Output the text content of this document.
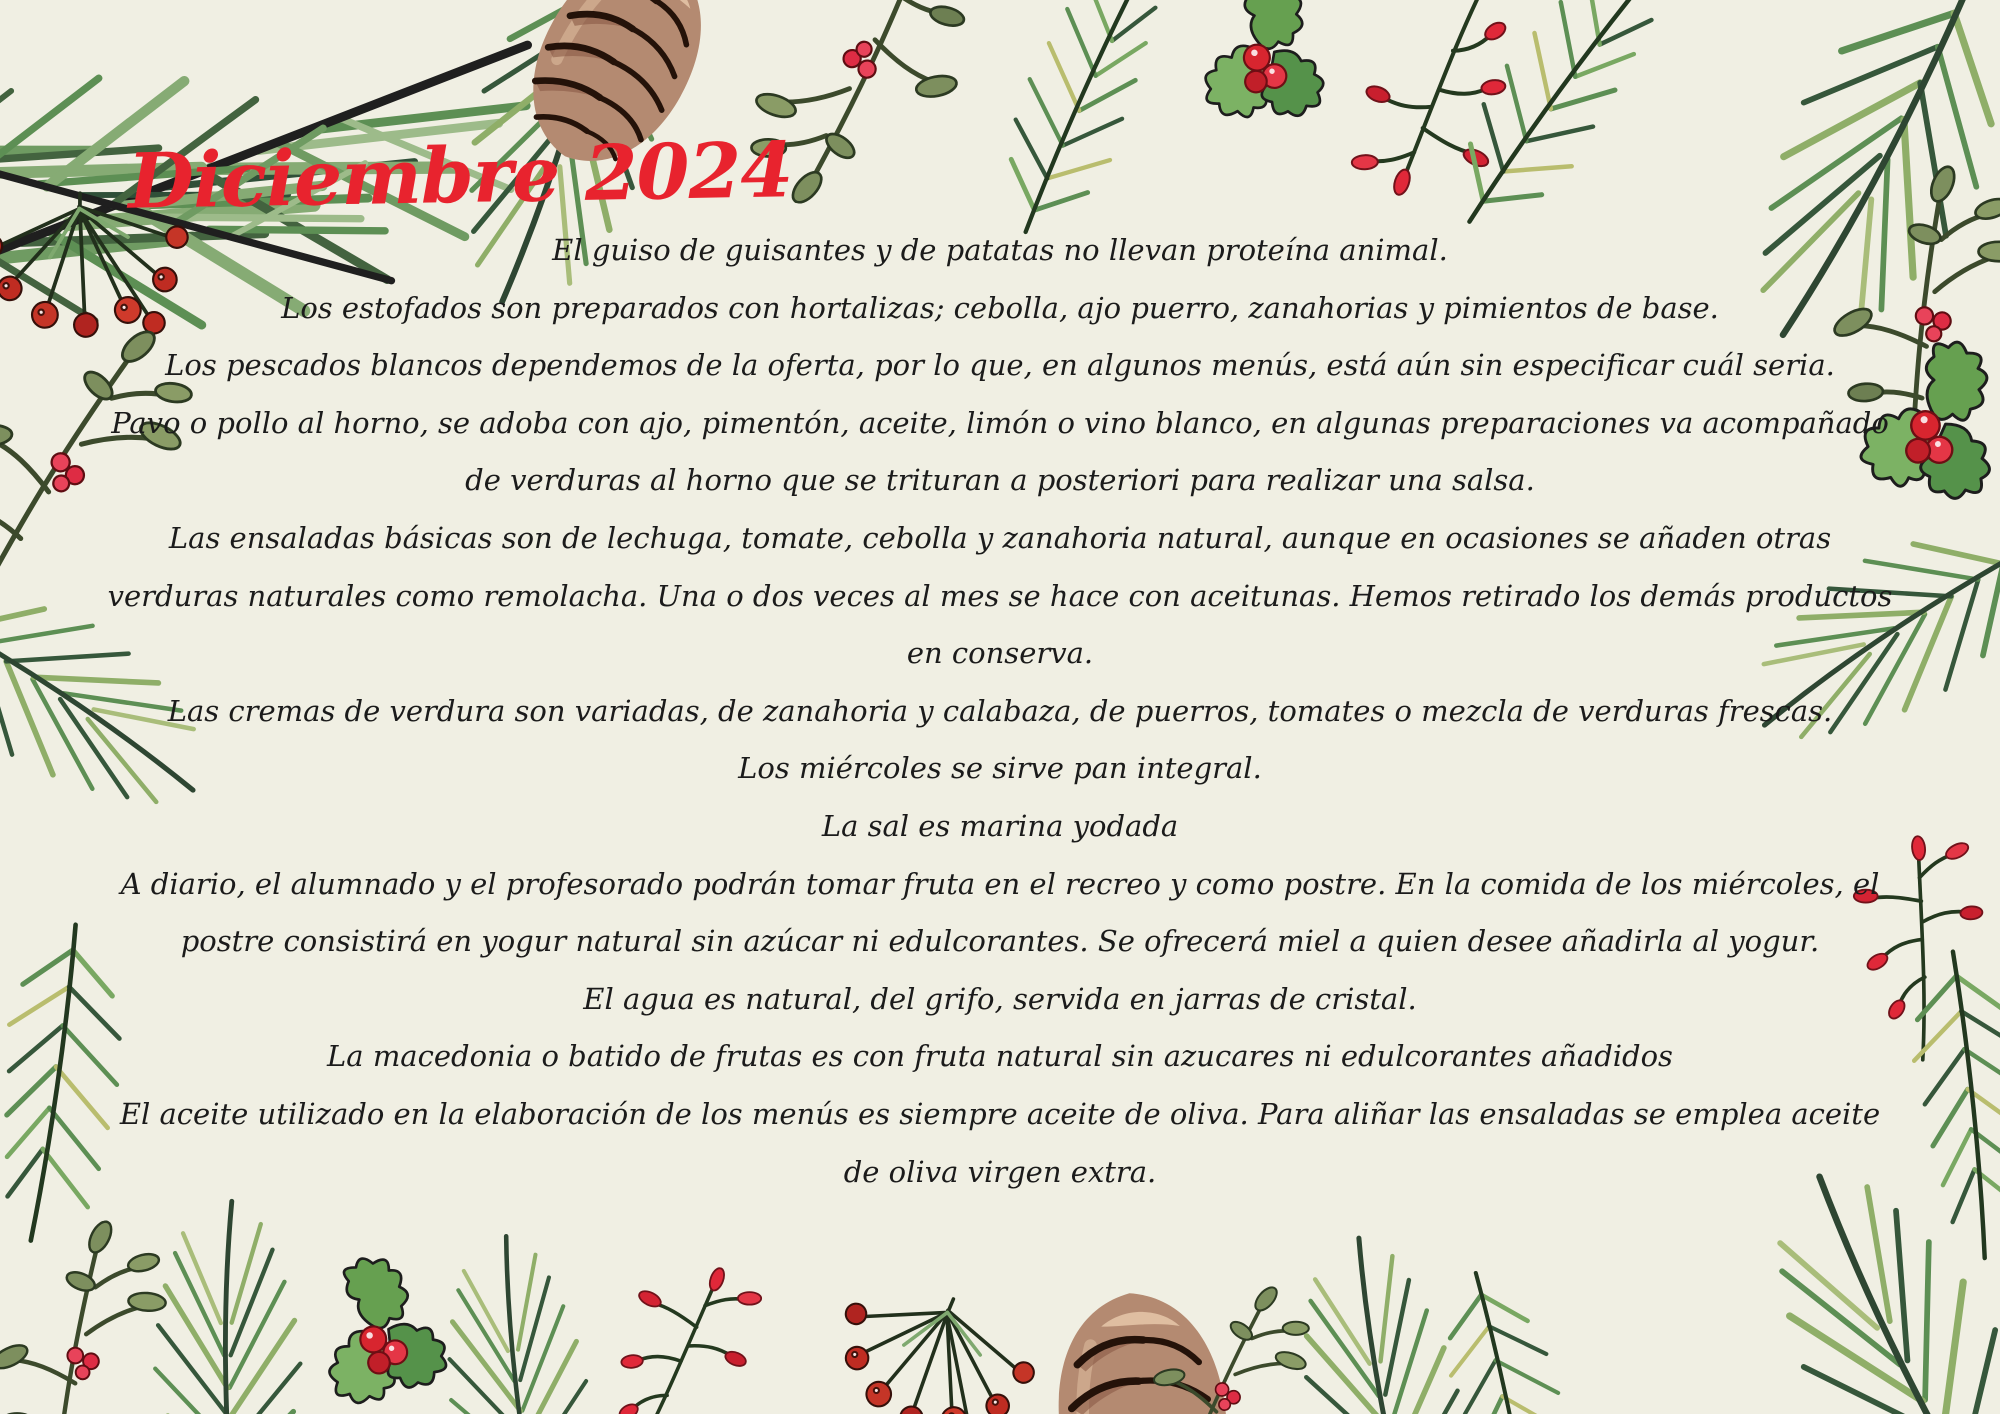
Diciembre 2024

El guiso de guisantes y de patatas no llevan proteína animal.

Los estofados son preparados con hortalizas; cebolla, ajo puerro, zanahorias y pimientos de base.

Los pescados blancos dependemos de la oferta, por lo que, en algunos menús, está aún sin especificar cuál seria.

Pavo o pollo al horno, se adoba con ajo, pimentón, aceite, limón o vino blanco, en algunas preparaciones va acompañado

de verduras al horno que se trituran a posteriori para realizar una salsa.

Las ensaladas básicas son de lechuga, tomate, cebolla y zanahoria natural, aunque en ocasiones se añaden otras

verduras naturales como remolacha. Una o dos veces al mes se hace con aceitunas. Hemos retirado los demás productos

en conserva.

Las cremas de verdura son variadas, de zanahoria y calabaza, de puerros, tomates o mezcla de verduras frescas.

Los miércoles se sirve pan integral.

La sal es marina yodada

A diario, el alumnado y el profesorado podrán tomar fruta en el recreo y como postre. En la comida de los miércoles, el

postre consistirá en yogur natural sin azúcar ni edulcorantes. Se ofrecerá miel a quien desee añadirla al yogur.

El agua es natural, del grifo, servida en jarras de cristal.

La macedonia o batido de frutas es con fruta natural sin azucares ni edulcorantes añadidos

El aceite utilizado en la elaboración de los menús es siempre aceite de oliva. Para aliñar las ensaladas se emplea aceite

de oliva virgen extra.
